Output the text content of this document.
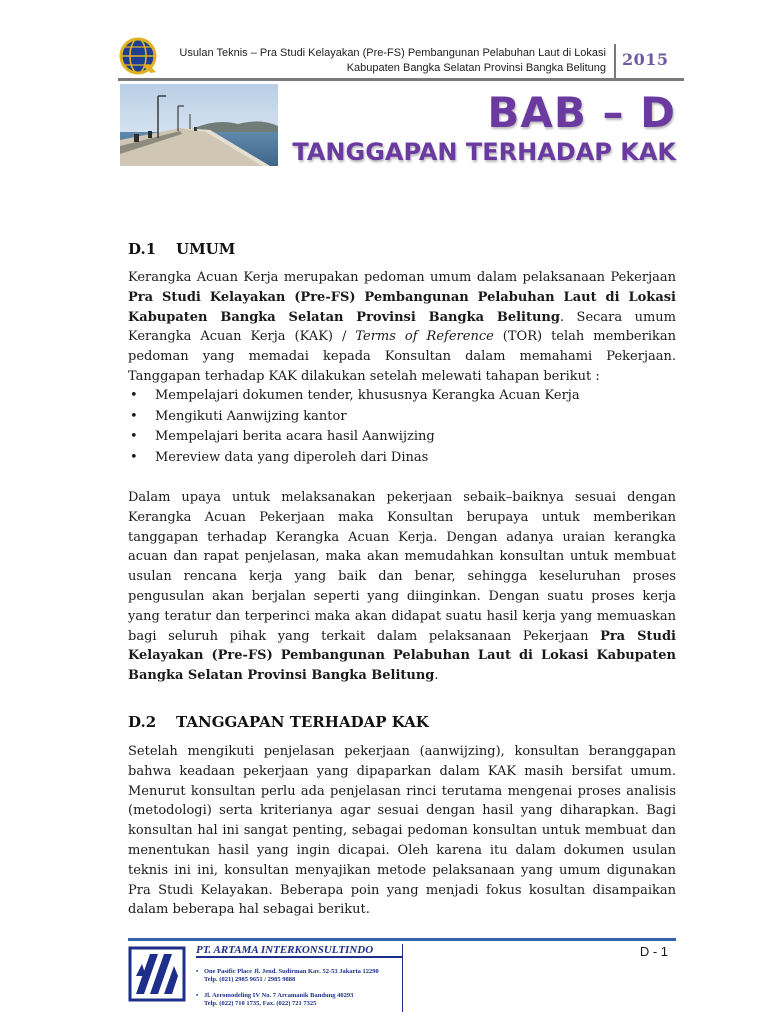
Usulan Teknis – Pra Studi Kelayakan (Pre-FS) Pembangunan Pelabuhan Laut di Lokasi
Kabupaten Bangka Selatan Provinsi Bangka Belitung 2015
BAB – D
TANGGAPAN TERHADAP KAK
D.1 UMUM

Kerangka Acuan Kerja merupakan pedoman umum dalam pelaksanaan Pekerjaan Pra Studi Kelayakan (Pre-FS) Pembangunan Pelabuhan Laut di Lokasi Kabupaten Bangka Selatan Provinsi Bangka Belitung. Secara umum Kerangka Acuan Kerja (KAK) / Terms of Reference (TOR) telah memberikan pedoman yang memadai kepada Konsultan dalam memahami Pekerjaan. Tanggapan terhadap KAK dilakukan setelah melewati tahapan berikut :

• Mempelajari dokumen tender, khususnya Kerangka Acuan Kerja
• Mengikuti Aanwijzing kantor
• Mempelajari berita acara hasil Aanwijzing
• Mereview data yang diperoleh dari Dinas

Dalam upaya untuk melaksanakan pekerjaan sebaik–baiknya sesuai dengan Kerangka Acuan Pekerjaan maka Konsultan berupaya untuk memberikan tanggapan terhadap Kerangka Acuan Kerja. Dengan adanya uraian kerangka acuan dan rapat penjelasan, maka akan memudahkan konsultan untuk membuat usulan rencana kerja yang baik dan benar, sehingga keseluruhan proses pengusulan akan berjalan seperti yang diinginkan. Dengan suatu proses kerja yang teratur dan terperinci maka akan didapat suatu hasil kerja yang memuaskan bagi seluruh pihak yang terkait dalam pelaksanaan Pekerjaan Pra Studi Kelayakan (Pre-FS) Pembangunan Pelabuhan Laut di Lokasi Kabupaten Bangka Selatan Provinsi Bangka Belitung.

D.2 TANGGAPAN TERHADAP KAK

Setelah mengikuti penjelasan pekerjaan (aanwijzing), konsultan beranggapan bahwa keadaan pekerjaan yang dipaparkan dalam KAK masih bersifat umum. Menurut konsultan perlu ada penjelasan rinci terutama mengenai proses analisis (metodologi) serta kriterianya agar sesuai dengan hasil yang diharapkan. Bagi konsultan hal ini sangat penting, sebagai pedoman konsultan untuk membuat dan menentukan hasil yang ingin dicapai. Oleh karena itu dalam dokumen usulan teknis ini ini, konsultan menyajikan metode pelaksanaan yang umum digunakan Pra Studi Kelayakan. Beberapa poin yang menjadi fokus kosultan disampaikan dalam beberapa hal sebagai berikut.

D - 1
PT. ARTAMA INTERKONSULTINDO
• One Pasific Place Jl. Jend. Sudirman Kav. 52-53 Jakarta 12290
Telp. (021) 2985 9651 / 2985 9888
• Jl. Aeromodeling IV No. 7 Arcamanik Bandung 40293
Telp. (022) 710 1735, Fax. (022) 721 7325
